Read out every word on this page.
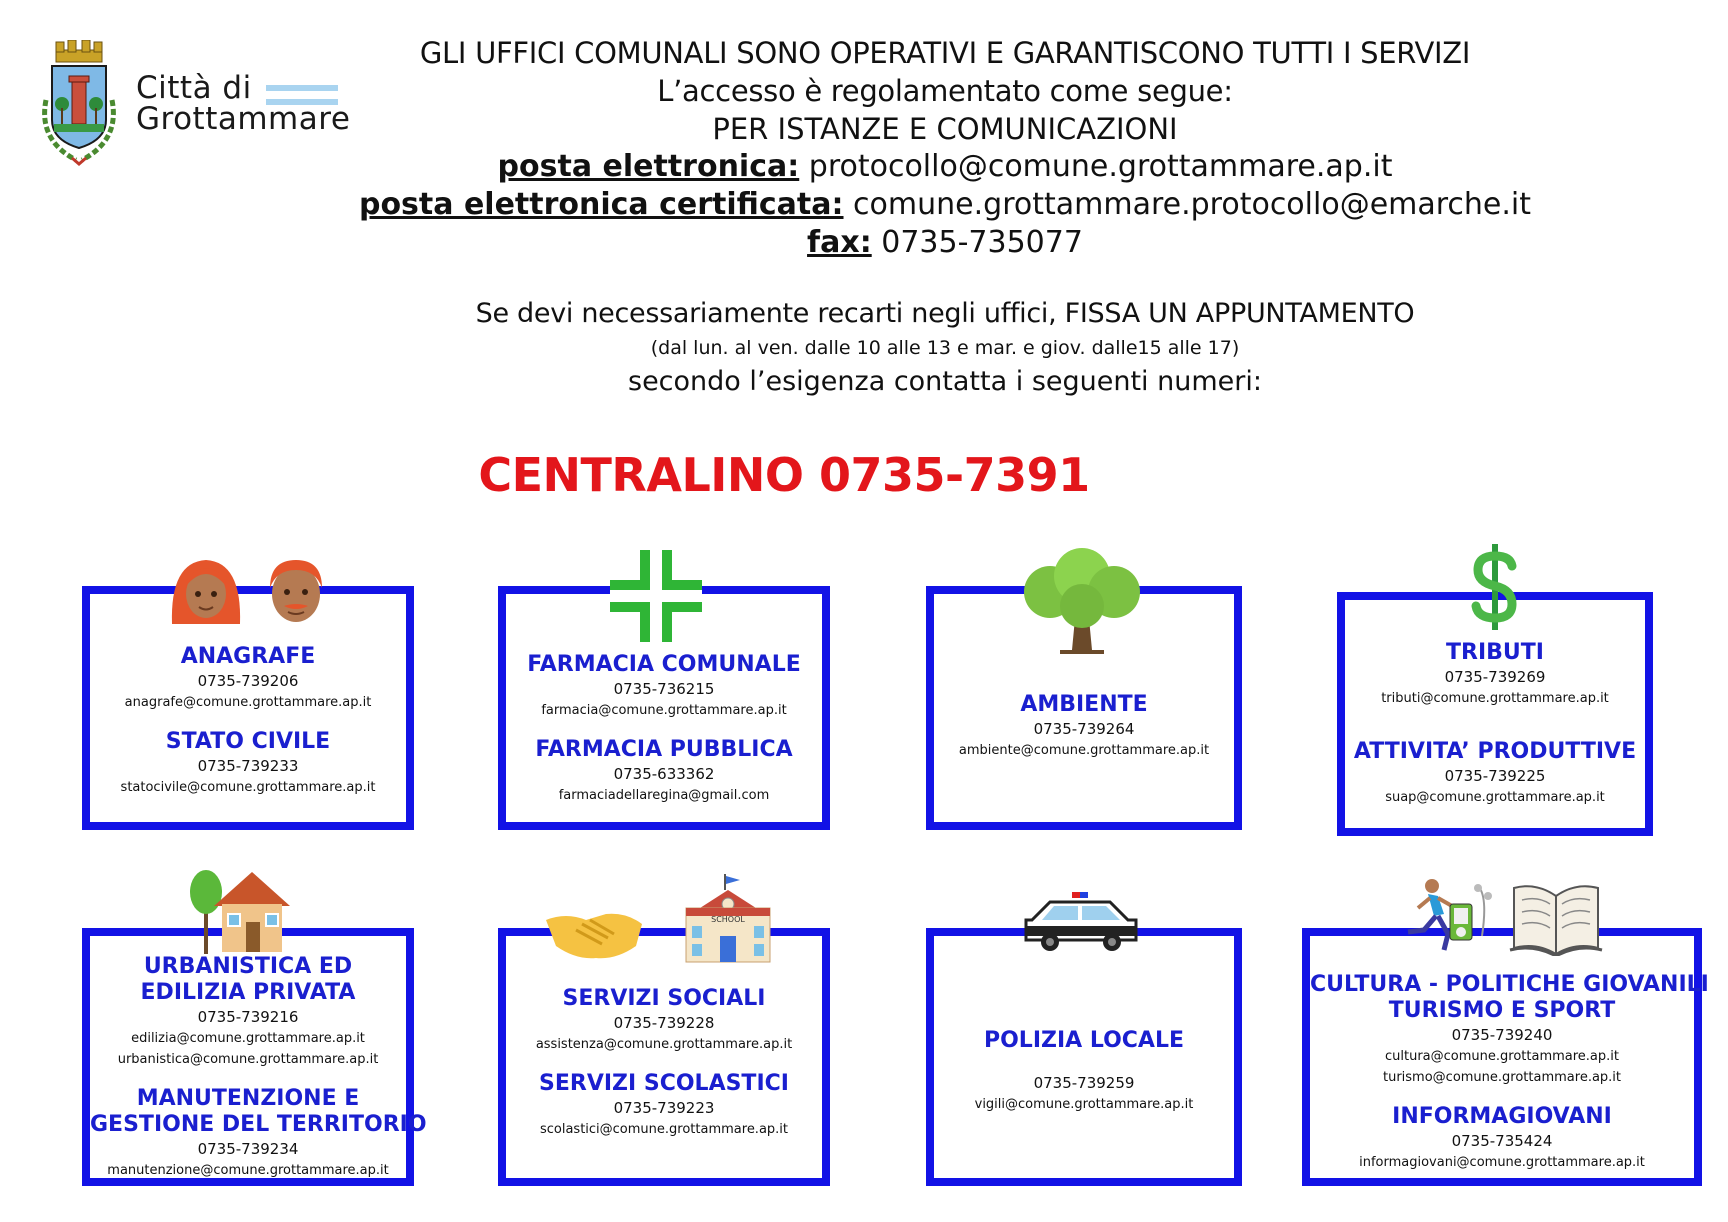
Città di
Grottammare
GLI UFFICI COMUNALI SONO OPERATIVI E GARANTISCONO TUTTI I SERVIZI
L’accesso è regolamentato come segue:
PER ISTANZE E COMUNICAZIONI
posta elettronica: protocollo@comune.grottammare.ap.it
posta elettronica certificata: comune.grottammare.protocollo@emarche.it
fax: 0735-735077
Se devi necessariamente recarti negli uffici, FISSA UN APPUNTAMENTO
(dal lun. al ven. dalle 10 alle 13 e mar. e giov. dalle15 alle 17)
secondo l’esigenza contatta i seguenti numeri:
CENTRALINO 0735-7391
ANAGRAFE
0735-739206
anagrafe@comune.grottammare.ap.it
STATO CIVILE
0735-739233
statocivile@comune.grottammare.ap.it
FARMACIA COMUNALE
0735-736215
farmacia@comune.grottammare.ap.it
FARMACIA PUBBLICA
0735-633362
farmaciadellaregina@gmail.com
AMBIENTE
0735-739264
ambiente@comune.grottammare.ap.it
TRIBUTI
0735-739269
tributi@comune.grottammare.ap.it
ATTIVITA’ PRODUTTIVE
0735-739225
suap@comune.grottammare.ap.it
URBANISTICA ED
EDILIZIA PRIVATA
0735-739216
edilizia@comune.grottammare.ap.it
urbanistica@comune.grottammare.ap.it
MANUTENZIONE E
GESTIONE DEL TERRITORIO
0735-739234
manutenzione@comune.grottammare.ap.it
SERVIZI SOCIALI
0735-739228
assistenza@comune.grottammare.ap.it
SERVIZI SCOLASTICI
0735-739223
scolastici@comune.grottammare.ap.it
SCHOOL
POLIZIA LOCALE
0735-739259
vigili@comune.grottammare.ap.it
CULTURA - POLITICHE GIOVANILI
TURISMO E SPORT
0735-739240
cultura@comune.grottammare.ap.it
turismo@comune.grottammare.ap.it
INFORMAGIOVANI
0735-735424
informagiovani@comune.grottammare.ap.it
